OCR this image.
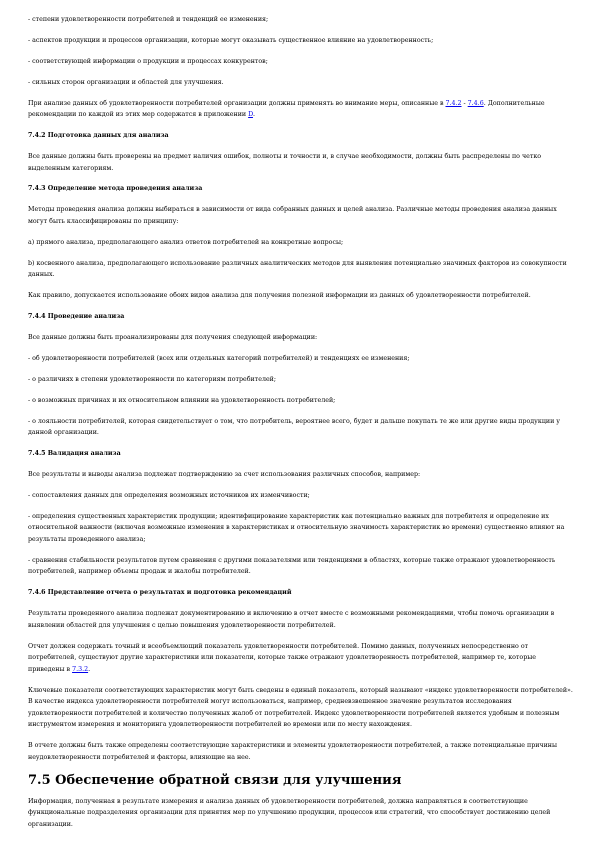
- степени удовлетворенности потребителей и тенденций ее изменения;

- аспектов продукции и процессов организации, которые могут оказывать существенное влияние на удовлетворенность;

- соответствующей информации о продукции и процессах конкурентов;

- сильных сторон организации и областей для улучшения.

При анализе данных об удовлетворенности потребителей организации должны применять во внимание меры, описанные в 7.4.2 - 7.4.6. Дополнительные рекомендации по каждой из этих мер содержатся в приложении D.

7.4.2 Подготовка данных для анализа

Все данные должны быть проверены на предмет наличия ошибок, полноты и точности и, в случае необходимости, должны быть распределены по четко выделенным категориям.

7.4.3 Определение метода проведения анализа

Методы проведения анализа должны выбираться в зависимости от вида собранных данных и целей анализа. Различные методы проведения анализа данных могут быть классифицированы по принципу:

a) прямого анализа, предполагающего анализ ответов потребителей на конкретные вопросы;

b) косвенного анализа, предполагающего использование различных аналитических методов для выявления потенциально значимых факторов из совокупности данных.

Как правило, допускается использование обоих видов анализа для получения полезной информации из данных об удовлетворенности потребителей.

7.4.4 Проведение анализа

Все данные должны быть проанализированы для получения следующей информации:

- об удовлетворенности потребителей (всех или отдельных категорий потребителей) и тенденциях ее изменения;

- о различиях в степени удовлетворенности по категориям потребителей;

- о возможных причинах и их относительном влиянии на удовлетворенность потребителей;

- о лояльности потребителей, которая свидетельствует о том, что потребитель, вероятнее всего, будет и дальше покупать те же или другие виды продукции у данной организации.

7.4.5 Валидация анализа

Все результаты и выводы анализа подлежат подтверждению за счет использования различных способов, например:

- сопоставления данных для определения возможных источников их изменчивости;

- определения существенных характеристик продукции; идентифицирование характеристик как потенциально важных для потребителя и определение их относительной важности (включая возможные изменения в характеристиках и относительную значимость характеристик во времени) существенно влияют на результаты проведенного анализа;

- сравнения стабильности результатов путем сравнения с другими показателями или тенденциями в областях, которые также отражают удовлетворенность потребителей, например объемы продаж и жалобы потребителей.

7.4.6 Представление отчета о результатах и подготовка рекомендаций

Результаты проведенного анализа подлежат документированию и включению в отчет вместе с возможными рекомендациями, чтобы помочь организации в выявлении областей для улучшения с целью повышения удовлетворенности потребителей.

Отчет должен содержать точный и всеобъемлющий показатель удовлетворенности потребителей. Помимо данных, полученных непосредственно от потребителей, существуют другие характеристики или показатели, которые также отражают удовлетворенность потребителей, например те, которые приведены в 7.3.2.

Ключевые показатели соответствующих характеристик могут быть сведены в единый показатель, который называют «индекс удовлетворенности потребителей». В качестве индекса удовлетворенности потребителей могут использоваться, например, средневзвешенное значение результатов исследования удовлетворенности потребителей и количество полученных жалоб от потребителей. Индекс удовлетворенности потребителей является удобным и полезным инструментом измерения и мониторинга удовлетворенности потребителей во времени или по месту нахождения.

В отчете должны быть также определены соответствующие характеристики и элементы удовлетворенности потребителей, а также потенциальные причины неудовлетворенности потребителей и факторы, влияющие на нее.

7.5 Обеспечение обратной связи для улучшения

Информация, полученная в результате измерения и анализа данных об удовлетворенности потребителей, должна направляться в соответствующие функциональные подразделения организации для принятия мер по улучшению продукции, процессов или стратегий, что способствует достижению целей организации.
